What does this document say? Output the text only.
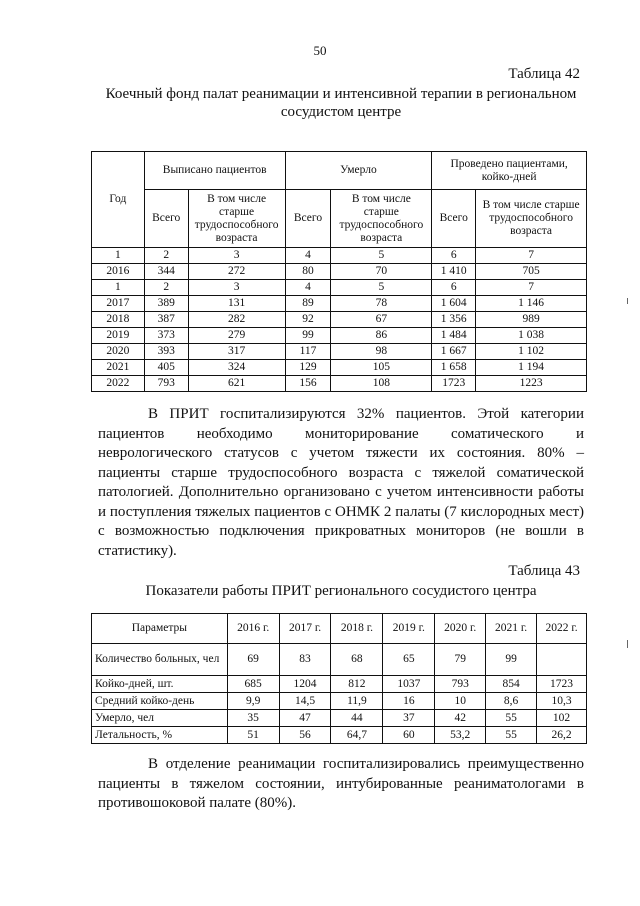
50
Таблица 42
Коечный фонд палат реанимации и интенсивной терапии в региональном сосудистом центре
Год	Выписано пациентов		Умерло		Проведено пациентами, койко-дней	
	Всего	В том числе старше трудоспособного возраста	Всего	В том числе старше трудоспособного возраста	Всего	В том числе старше трудоспособного возраста
1	2	3	4	5	6	7
2016	344	272	80	70	1 410	705
1	2	3	4	5	6	7
2017	389	131	89	78	1 604	1 146
2018	387	282	92	67	1 356	989
2019	373	279	99	86	1 484	1 038
2020	393	317	117	98	1 667	1 102
2021	405	324	129	105	1 658	1 194
2022	793	621	156	108	1723	1223
В ПРИТ госпитализируются 32% пациентов. Этой категории пациентов необходимо мониторирование соматического и неврологического статусов с учетом тяжести их состояния. 80% – пациенты старше трудоспособного возраста с тяжелой соматической патологией. Дополнительно организовано с учетом интенсивности работы и поступления тяжелых пациентов с ОНМК 2 палаты (7 кислородных мест) с возможностью подключения прикроватных мониторов (не вошли в статистику).
Таблица 43
Показатели работы ПРИТ регионального сосудистого центра
Параметры	2016 г.	2017 г.	2018 г.	2019 г.	2020 г.	2021 г.	2022 г.
Количество больных, чел	69	83	68	65	79	99	
Койко-дней, шт.	685	1204	812	1037	793	854	1723
Средний койко-день	9,9	14,5	11,9	16	10	8,6	10,3
Умерло, чел	35	47	44	37	42	55	102
Летальность, %	51	56	64,7	60	53,2	55	26,2
В отделение реанимации госпитализировались преимущественно пациенты в тяжелом состоянии, интубированные реаниматологами в противошоковой палате (80%).
